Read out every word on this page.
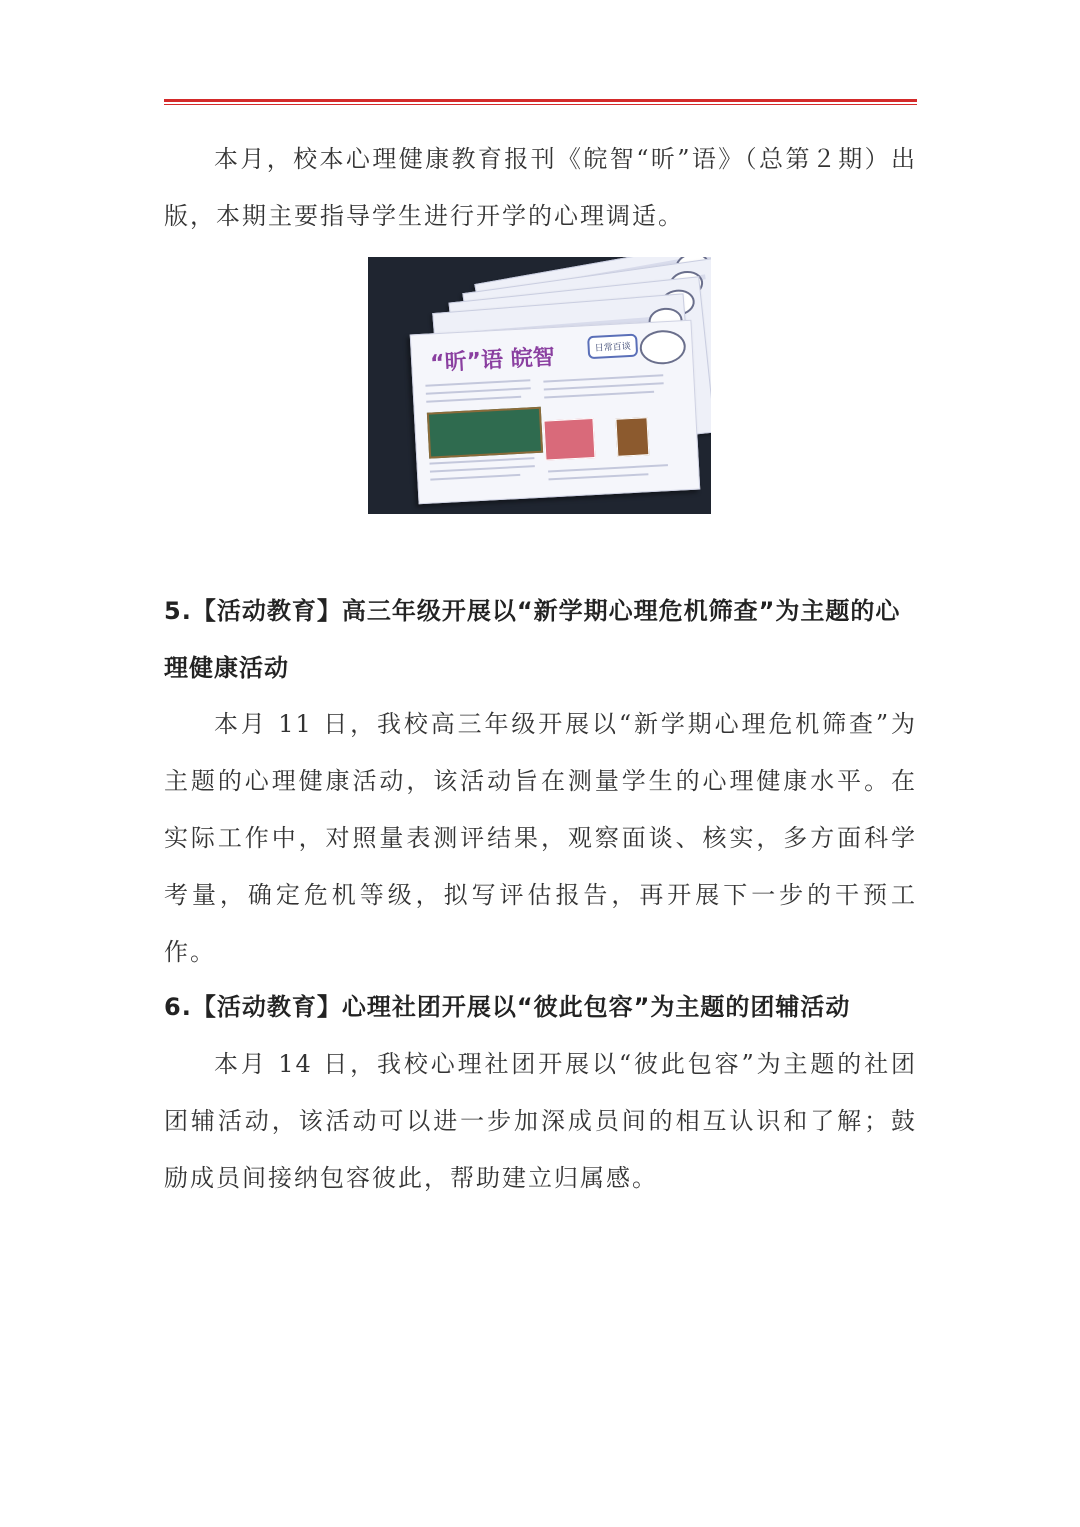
本月，校本心理健康教育报刊《皖智“昕”语》（总第２期）出版，本期主要指导学生进行开学的心理调适。

“昕”语 皖智	日常百谈
5.【活动教育】高三年级开展以“新学期心理危机筛查”为主题的心理健康活动

本月 11 日，我校高三年级开展以“新学期心理危机筛查”为主题的心理健康活动，该活动旨在测量学生的心理健康水平。在实际工作中，对照量表测评结果，观察面谈、核实，多方面科学考量，确定危机等级，拟写评估报告，再开展下一步的干预工作。

6.【活动教育】心理社团开展以“彼此包容”为主题的团辅活动

本月 14 日，我校心理社团开展以“彼此包容”为主题的社团团辅活动，该活动可以进一步加深成员间的相互认识和了解；鼓励成员间接纳包容彼此，帮助建立归属感。
